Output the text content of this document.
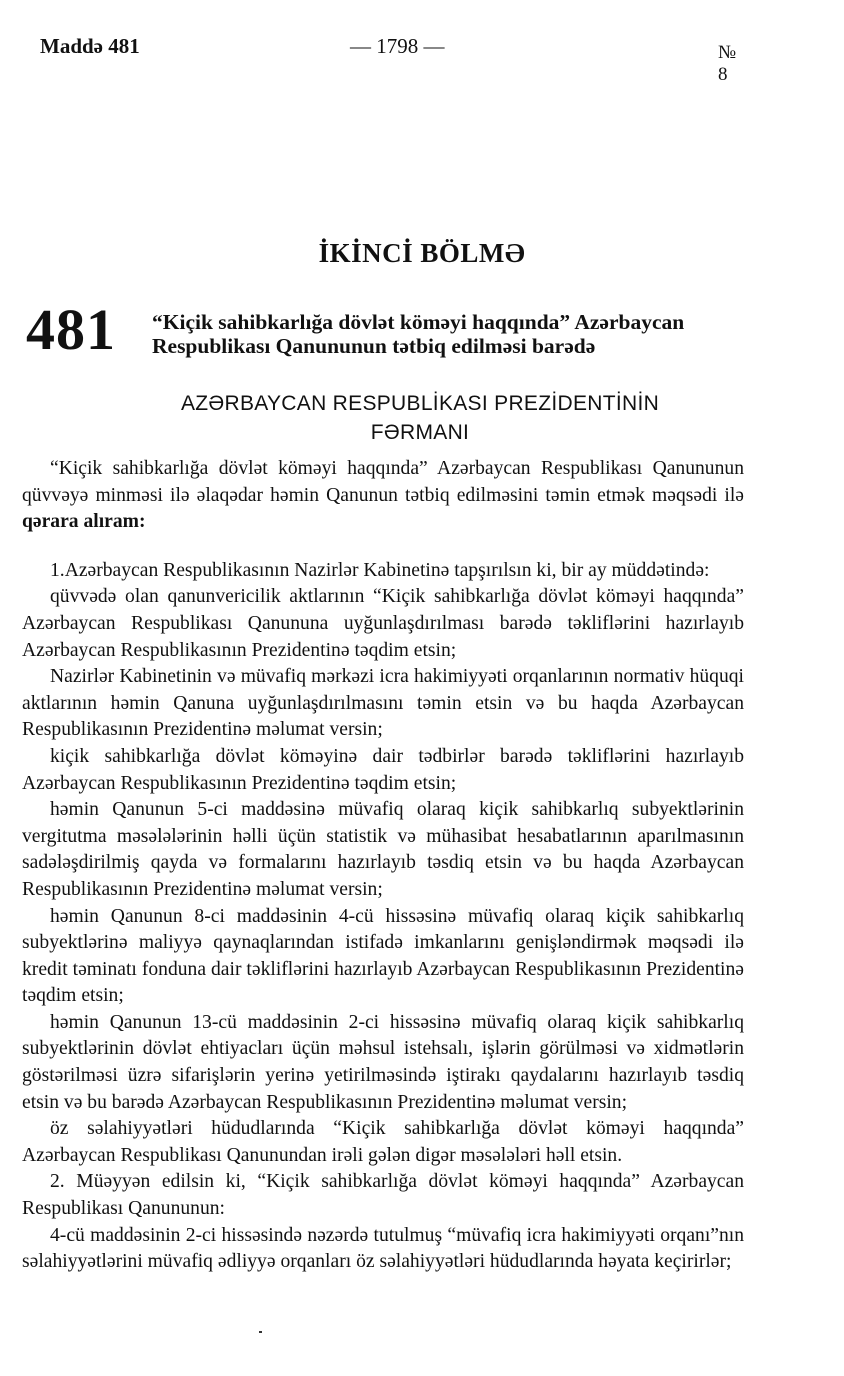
Maddə 481	— 1798 —	№ 8
İKİNCİ BÖLMƏ
481 “Kiçik sahibkarlığa dövlət köməyi haqqında” Azərbaycan Respublikası Qanununun tətbiq edilməsi barədə
AZƏRBAYCAN RESPUBLİKASI PREZİDENTİNİN
FƏRMANI

“Kiçik sahibkarlığa dövlət köməyi haqqında” Azərbaycan Respublikası Qanununun qüvvəyə minməsi ilə əlaqədar həmin Qanunun tətbiq edilməsini təmin etmək məqsədi ilə qərara alıram:

1.Azərbaycan Respublikasının Nazirlər Kabinetinə tapşırılsın ki, bir ay müddətində:

qüvvədə olan qanunvericilik aktlarının “Kiçik sahibkarlığa dövlət köməyi haqqında” Azərbaycan Respublikası Qanununa uyğunlaşdırılması barədə təkliflərini hazırlayıb Azərbaycan Respublikasının Prezidentinə təqdim etsin;

Nazirlər Kabinetinin və müvafiq mərkəzi icra hakimiyyəti orqanlarının normativ hüquqi aktlarının həmin Qanuna uyğunlaşdırılmasını təmin etsin və bu haqda Azərbaycan Respublikasının Prezidentinə məlumat versin;

kiçik sahibkarlığa dövlət köməyinə dair tədbirlər barədə təkliflərini hazırlayıb Azərbaycan Respublikasının Prezidentinə təqdim etsin;

həmin Qanunun 5-ci maddəsinə müvafiq olaraq kiçik sahibkarlıq subyektlərinin vergitutma məsələlərinin həlli üçün statistik və mühasibat hesabatlarının aparılmasının sadələşdirilmiş qayda və formalarını hazırlayıb təsdiq etsin və bu haqda Azərbaycan Respublikasının Prezidentinə məlumat versin;

həmin Qanunun 8-ci maddəsinin 4-cü hissəsinə müvafiq olaraq kiçik sahibkarlıq subyektlərinə maliyyə qaynaqlarından istifadə imkanlarını genişləndirmək məqsədi ilə kredit təminatı fonduna dair təkliflərini hazırlayıb Azərbaycan Respublikasının Prezidentinə təqdim etsin;

həmin Qanunun 13-cü maddəsinin 2-ci hissəsinə müvafiq olaraq kiçik sahibkarlıq subyektlərinin dövlət ehtiyacları üçün məhsul istehsalı, işlərin görülməsi və xidmətlərin göstərilməsi üzrə sifarişlərin yerinə yetirilməsində iştirakı qaydalarını hazırlayıb təsdiq etsin və bu barədə Azərbaycan Respublikasının Prezidentinə məlumat versin;

öz səlahiyyətləri hüdudlarında “Kiçik sahibkarlığa dövlət köməyi haqqında” Azərbaycan Respublikası Qanunundan irəli gələn digər məsələləri həll etsin.

2. Müəyyən edilsin ki, “Kiçik sahibkarlığa dövlət köməyi haqqında” Azərbaycan Respublikası Qanununun:

4-cü maddəsinin 2-ci hissəsində nəzərdə tutulmuş “müvafiq icra hakimiyyəti orqanı”nın səlahiyyətlərini müvafiq ədliyyə orqanları öz səlahiyyətləri hüdudlarında həyata keçirirlər;
